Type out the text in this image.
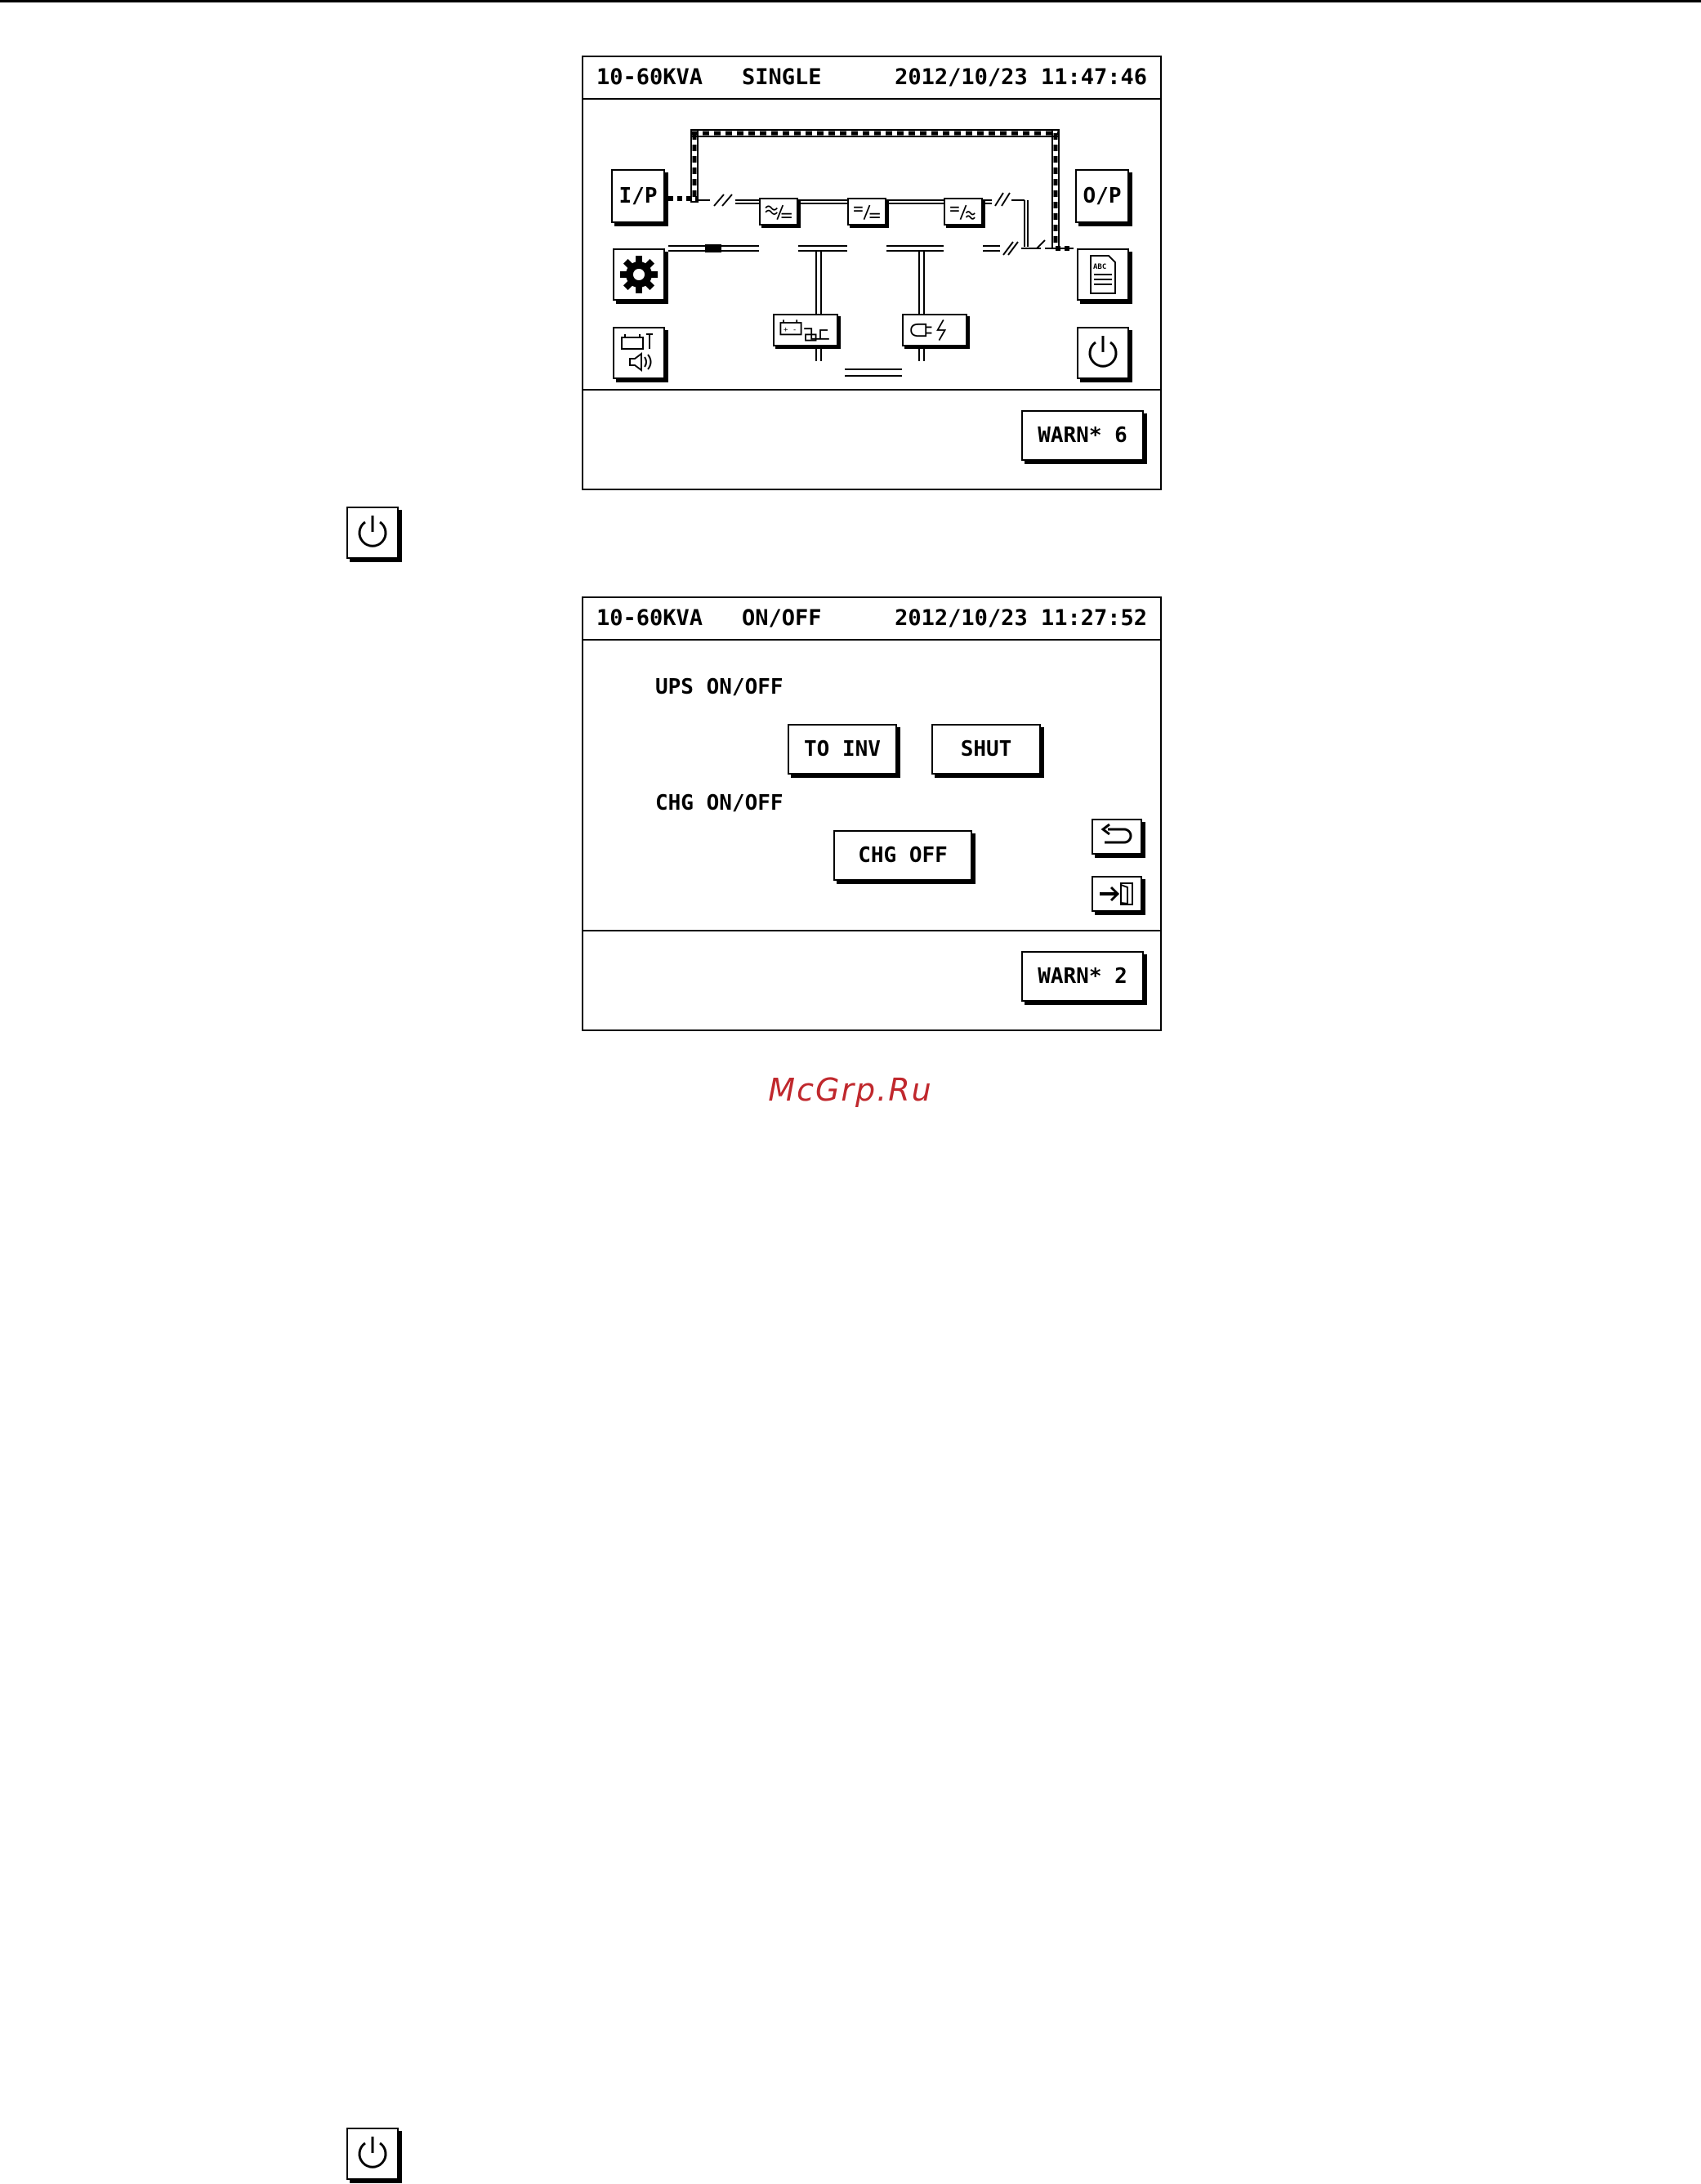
10-60KVA SINGLE	2012/10/23 11:47:46
+ -
I/P	O/P
ABC
WARN* 6
10-60KVA ON/OFF	2012/10/23 11:27:52
UPS ON/OFF
TO INV	SHUT
CHG ON/OFF
CHG OFF
WARN* 2
McGrp.Ru
